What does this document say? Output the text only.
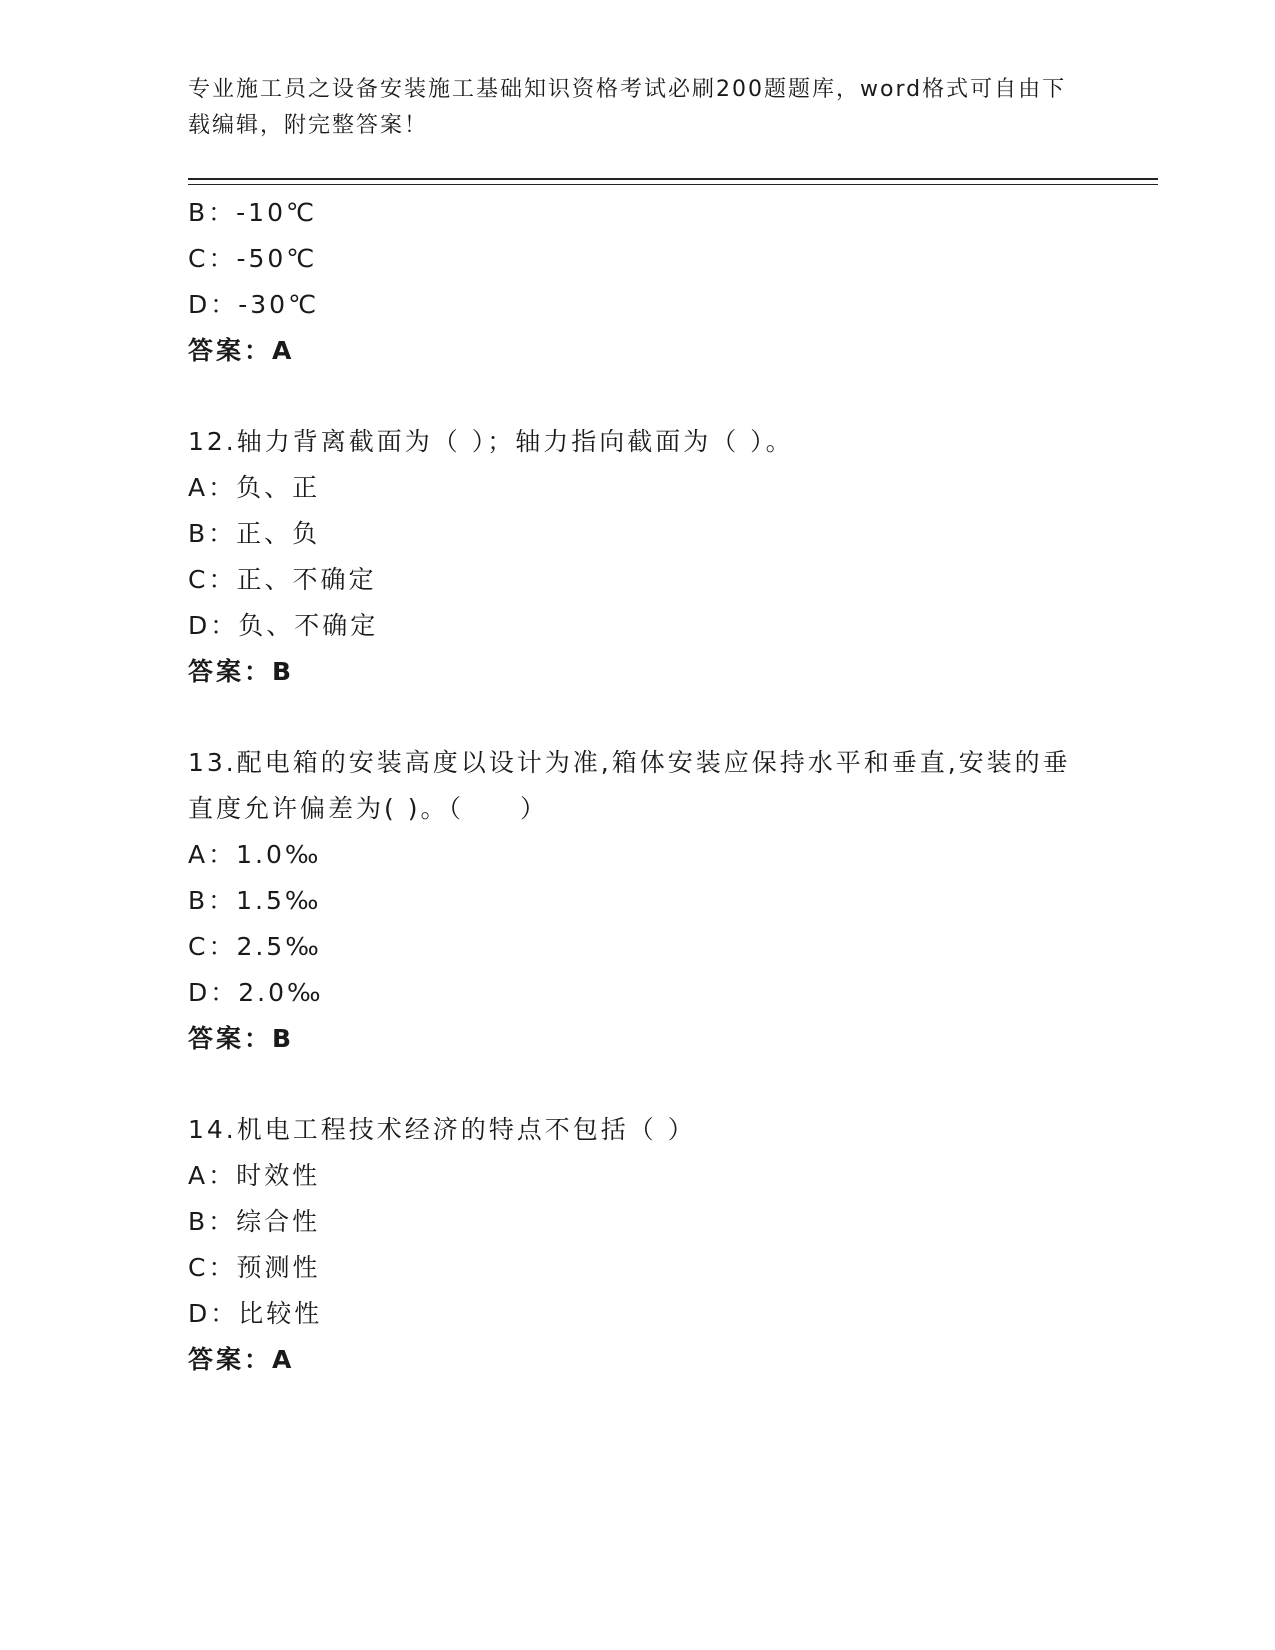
专业施工员之设备安装施工基础知识资格考试必刷200题题库，word格式可自由下载编辑，附完整答案！
B：-10℃
C：-50℃
D：-30℃
答案：A
12.轴力背离截面为（ ）；轴力指向截面为（ ）。
A：负、正
B：正、负
C：正、不确定
D：负、不确定
答案：B
13.配电箱的安装高度以设计为准,箱体安装应保持水平和垂直,安装的垂直度允许偏差为( )。（　　）
A：1.0‰
B：1.5‰
C：2.5‰
D：2.0‰
答案：B
14.机电工程技术经济的特点不包括（ ）
A：时效性
B：综合性
C：预测性
D：比较性
答案：A
